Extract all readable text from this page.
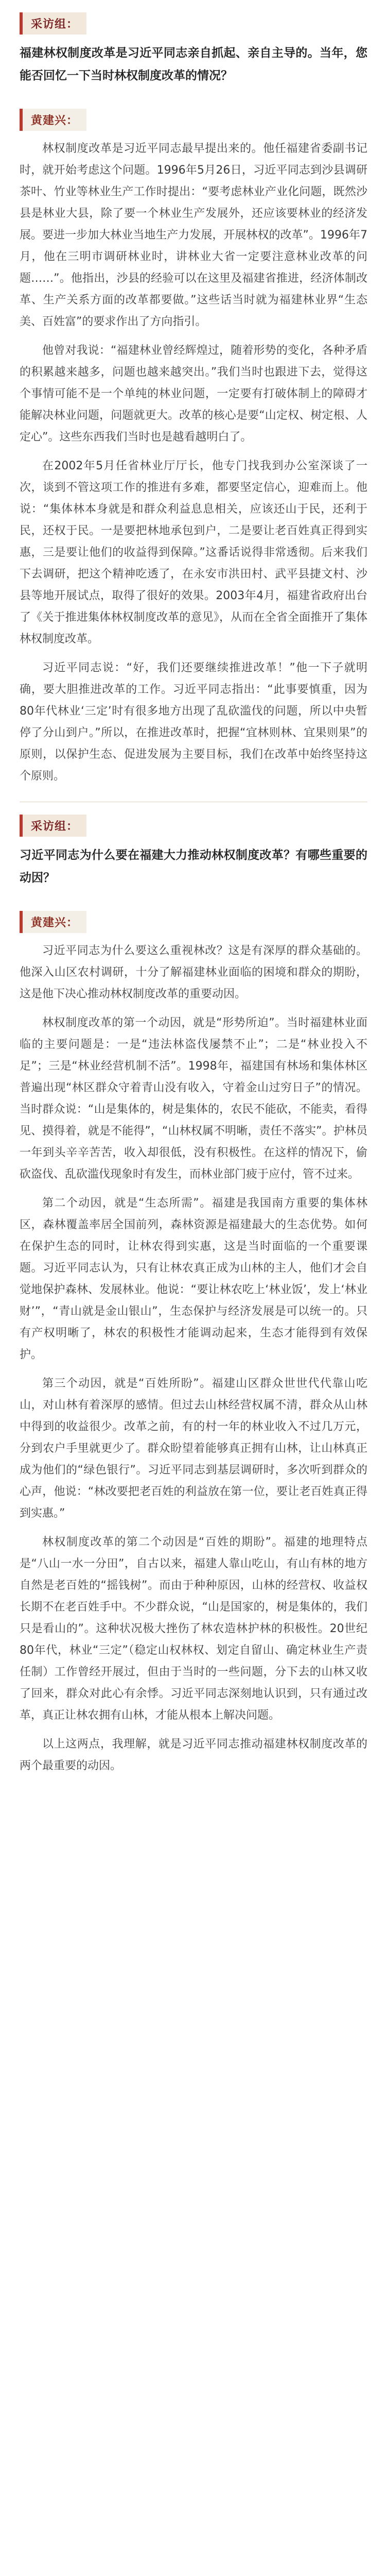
采访组：

福建林权制度改革是习近平同志亲自抓起、亲自主导的。当年，您能否回忆一下当时林权制度改革的情况？

黄建兴：

林权制度改革是习近平同志最早提出来的。他任福建省委副书记时，就开始考虑这个问题。1996年5月26日，习近平同志到沙县调研茶叶、竹业等林业生产工作时提出：“要考虑林业产业化问题，既然沙县是林业大县，除了要一个林业生产发展外，还应该要林业的经济发展。要进一步加大林业当地生产力发展，开展林权的改革”。1996年7月，他在三明市调研林业时，讲林业大省一定要注意林业改革的问题……”。他指出，沙县的经验可以在这里及福建省推进，经济体制改革、生产关系方面的改革都要做。”这些话当时就为福建林业界“生态美、百姓富”的要求作出了方向指引。

他曾对我说：“福建林业曾经辉煌过，随着形势的变化，各种矛盾的积累越来越多，问题也越来越突出。”我们当时也跟进下去，觉得这个事情可能不是一个单纯的林业问题，一定要有打破体制上的障碍才能解决林业问题，问题就更大。改革的核心是要“山定权、树定根、人定心”。这些东西我们当时也是越看越明白了。

在2002年5月任省林业厅厅长，他专门找我到办公室深谈了一次，谈到不管这项工作的推进有多难，都要坚定信心，迎难而上。他说：“集体林本身就是和群众利益息息相关，应该还山于民，还利于民，还权于民。一是要把林地承包到户，二是要让老百姓真正得到实惠，三是要让他们的收益得到保障。”这番话说得非常透彻。后来我们下去调研，把这个精神吃透了，在永安市洪田村、武平县捷文村、沙县等地开展试点，取得了很好的效果。2003年4月，福建省政府出台了《关于推进集体林权制度改革的意见》，从而在全省全面推开了集体林权制度改革。

习近平同志说：“好，我们还要继续推进改革！”他一下子就明确，要大胆推进改革的工作。习近平同志指出：“此事要慎重，因为80年代林业‘三定’时有很多地方出现了乱砍滥伐的问题，所以中央暂停了分山到户。”所以，在推进改革时，把握“宜林则林、宜果则果”的原则，以保护生态、促进发展为主要目标，我们在改革中始终坚持这个原则。

采访组：

习近平同志为什么要在福建大力推动林权制度改革？有哪些重要的动因？

黄建兴：

习近平同志为什么要这么重视林改？这是有深厚的群众基础的。他深入山区农村调研，十分了解福建林业面临的困境和群众的期盼，这是他下决心推动林权制度改革的重要动因。

林权制度改革的第一个动因，就是“形势所迫”。当时福建林业面临的主要问题是：一是“违法林盗伐屡禁不止”；二是“林业投入不足”；三是“林业经营机制不活”。1998年，福建国有林场和集体林区普遍出现“林区群众守着青山没有收入，守着金山过穷日子”的情况。当时群众说：“山是集体的，树是集体的，农民不能砍，不能卖，看得见、摸得着，就是不能得”，“山林权属不明晰，责任不落实”。护林员一年到头辛辛苦苦，收入却很低，没有积极性。在这样的情况下，偷砍盗伐、乱砍滥伐现象时有发生，而林业部门疲于应付，管不过来。

第二个动因，就是“生态所需”。福建是我国南方重要的集体林区，森林覆盖率居全国前列，森林资源是福建最大的生态优势。如何在保护生态的同时，让林农得到实惠，这是当时面临的一个重要课题。习近平同志认为，只有让林农真正成为山林的主人，他们才会自觉地保护森林、发展林业。他说：“要让林农吃上‘林业饭’，发上‘林业财’”，“青山就是金山银山”，生态保护与经济发展是可以统一的。只有产权明晰了，林农的积极性才能调动起来，生态才能得到有效保护。

第三个动因，就是“百姓所盼”。福建山区群众世世代代靠山吃山，对山林有着深厚的感情。但过去山林经营权属不清，群众从山林中得到的收益很少。改革之前，有的村一年的林业收入不过几万元，分到农户手里就更少了。群众盼望着能够真正拥有山林，让山林真正成为他们的“绿色银行”。习近平同志到基层调研时，多次听到群众的心声，他说：“林改要把老百姓的利益放在第一位，要让老百姓真正得到实惠。”

林权制度改革的第二个动因是“百姓的期盼”。福建的地理特点是“八山一水一分田”，自古以来，福建人靠山吃山，有山有林的地方自然是老百姓的“摇钱树”。而由于种种原因，山林的经营权、收益权长期不在老百姓手中。不少群众说，“山是国家的，树是集体的，我们只是看山的”。这种状况极大挫伤了林农造林护林的积极性。20世纪80年代，林业“三定”（稳定山权林权、划定自留山、确定林业生产责任制）工作曾经开展过，但由于当时的一些问题，分下去的山林又收了回来，群众对此心有余悸。习近平同志深刻地认识到，只有通过改革，真正让林农拥有山林，才能从根本上解决问题。

以上这两点，我理解，就是习近平同志推动福建林权制度改革的两个最重要的动因。
